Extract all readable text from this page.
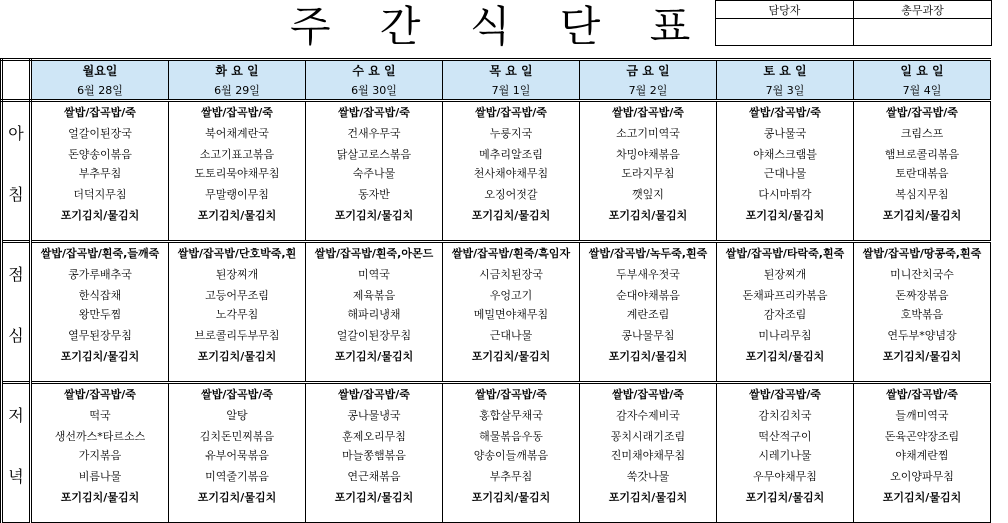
주 간 식 단 표	담당자	총무과장

	월요일	화 요 일	수 요 일	목 요 일	금 요 일	토 요 일	일 요 일
	6월 28일	6월 29일	6월 30일	7월 1일	7월 2일	7월 3일	7월 4일
	쌀밥/잡곡밥/죽	쌀밥/잡곡밥/죽	쌀밥/잡곡밥/죽	쌀밥/잡곡밥/죽	쌀밥/잡곡밥/죽	쌀밥/잡곡밥/죽	쌀밥/잡곡밥/죽
아	얼갈이된장국	북어채계란국	건새우무국	누룽지국	소고기미역국	콩나물국	크림스프
	돈양송이볶음	소고기표고볶음	닭살고로스볶음	메추리알조림	차밍야채볶음	야채스크램블	햄브로콜리볶음
	부추무침	도토리묵야채무침	숙주나물	천사채야채무침	도라지무침	근대나물	토란대볶음
침	더덕지무침	무말랭이무침	동자반	오징어젓갈	깻잎지	다시마튀각	복심지무침
	포기김치/물김치	포기김치/물김치	포기김치/물김치	포기김치/물김치	포기김치/물김치	포기김치/물김치	포기김치/물김치

	쌀밥/잡곡밥/흰죽,들깨죽	쌀밥/잡곡밥/단호박죽,흰	쌀밥/잡곡밥/흰죽,아몬드	쌀밥/잡곡밥/흰죽/흑임자	쌀밥/잡곡밥/녹두죽,흰죽	쌀밥/잡곡밥/타락죽,흰죽	쌀밥/잡곡밥/땅콩죽,흰죽
점	콩가루배추국	된장찌개	미역국	시금치된장국	두부새우젓국	된장찌개	미니잔치국수
	한식잡채	고등어무조림	제육볶음	우엉고기	순대야채볶음	돈채파프리카볶음	돈짜장볶음
	왕만두찜	노각무침	해파리냉채	메밀면야채무침	계란조림	감자조림	호박볶음
심	열무된장무침	브로콜리두부무침	얼갈이된장무침	근대나물	콩나물무침	미나리무침	연두부*양념장
	포기김치/물김치	포기김치/물김치	포기김치/물김치	포기김치/물김치	포기김치/물김치	포기김치/물김치	포기김치/물김치

	쌀밥/잡곡밥/죽	쌀밥/잡곡밥/죽	쌀밥/잡곡밥/죽	쌀밥/잡곡밥/죽	쌀밥/잡곡밥/죽	쌀밥/잡곡밥/죽	쌀밥/잡곡밥/죽
저	떡국	알탕	콩나물냉국	홍합살무채국	감자수제비국	감치김치국	들깨미역국
	생선까스*타르소스	김치돈민찌볶음	훈제오리무침	해물볶음우동	꽁치시래기조림	떡산적구이	돈육곤약장조림
	가지볶음	유부어묵볶음	마늘쫑햄볶음	양송이들깨볶음	진미채야채무침	시레기나물	야채계란찜
녁	비름나물	미역줄기볶음	연근채볶음	부추무침	쑥갓나물	우무야채무침	오이양파무침
	포기김치/물김치	포기김치/물김치	포기김치/물김치	포기김치/물김치	포기김치/물김치	포기김치/물김치	포기김치/물김치
